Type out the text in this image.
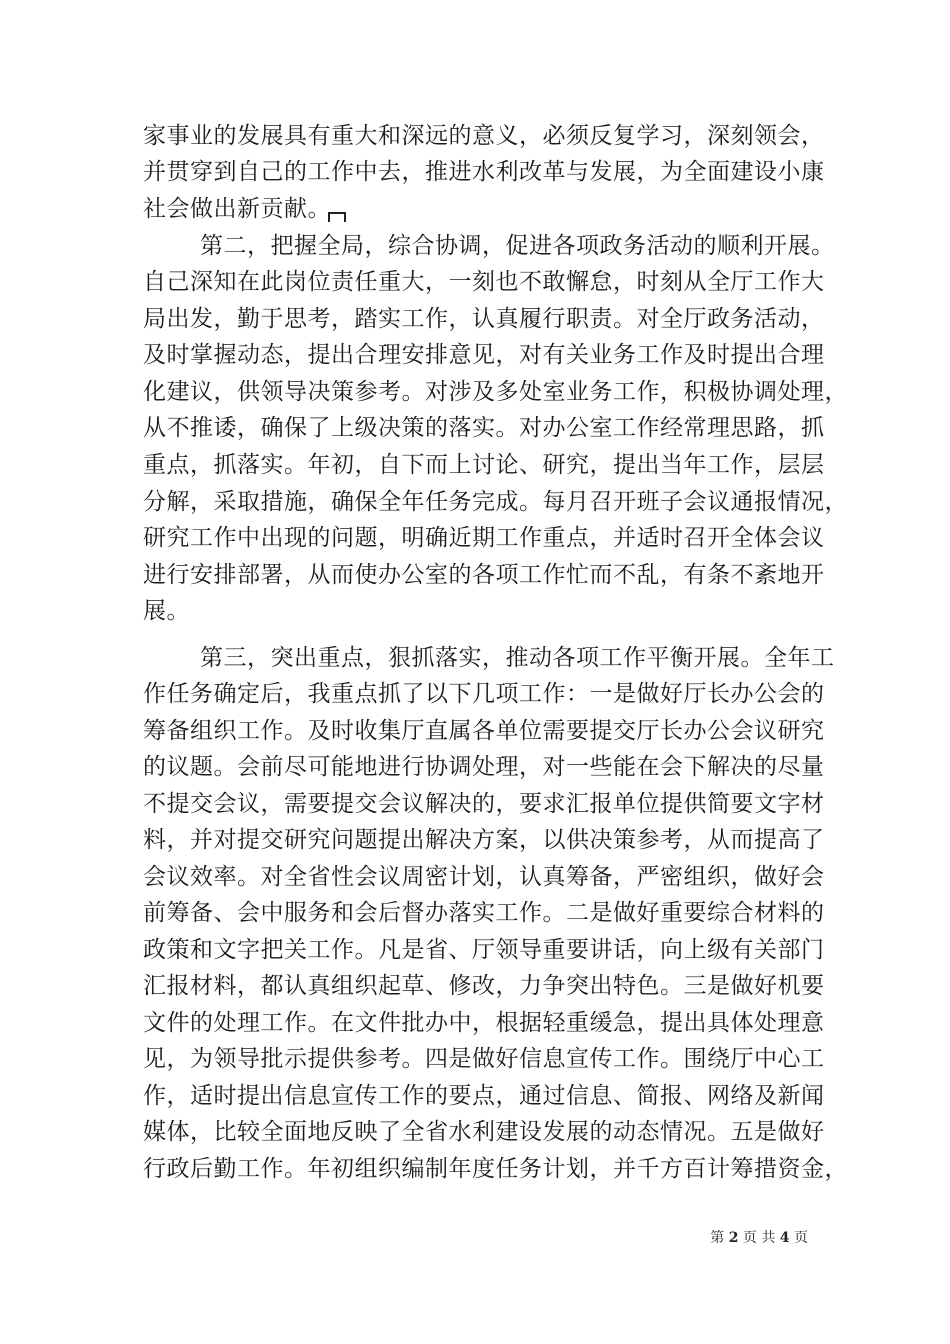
家事业的发展具有重大和深远的意义，必须反复学习，深刻领会，
并贯穿到自己的工作中去，推进水利改革与发展，为全面建设小康
社会做出新贡献。
第二，把握全局，综合协调，促进各项政务活动的顺利开展。
自己深知在此岗位责任重大，一刻也不敢懈怠，时刻从全厅工作大
局出发，勤于思考，踏实工作，认真履行职责。对全厅政务活动，
及时掌握动态，提出合理安排意见，对有关业务工作及时提出合理
化建议，供领导决策参考。对涉及多处室业务工作，积极协调处理，
从不推诿，确保了上级决策的落实。对办公室工作经常理思路，抓
重点，抓落实。年初，自下而上讨论、研究，提出当年工作，层层
分解，采取措施，确保全年任务完成。每月召开班子会议通报情况，
研究工作中出现的问题，明确近期工作重点，并适时召开全体会议
进行安排部署，从而使办公室的各项工作忙而不乱，有条不紊地开
展。
第三，突出重点，狠抓落实，推动各项工作平衡开展。全年工
作任务确定后，我重点抓了以下几项工作：一是做好厅长办公会的
筹备组织工作。及时收集厅直属各单位需要提交厅长办公会议研究
的议题。会前尽可能地进行协调处理，对一些能在会下解决的尽量
不提交会议，需要提交会议解决的，要求汇报单位提供简要文字材
料，并对提交研究问题提出解决方案，以供决策参考，从而提高了
会议效率。对全省性会议周密计划，认真筹备，严密组织，做好会
前筹备、会中服务和会后督办落实工作。二是做好重要综合材料的
政策和文字把关工作。凡是省、厅领导重要讲话，向上级有关部门
汇报材料，都认真组织起草、修改，力争突出特色。三是做好机要
文件的处理工作。在文件批办中，根据轻重缓急，提出具体处理意
见，为领导批示提供参考。四是做好信息宣传工作。围绕厅中心工
作，适时提出信息宣传工作的要点，通过信息、简报、网络及新闻
媒体，比较全面地反映了全省水利建设发展的动态情况。五是做好
行政后勤工作。年初组织编制年度任务计划，并千方百计筹措资金，
第 2 页 共 4 页
